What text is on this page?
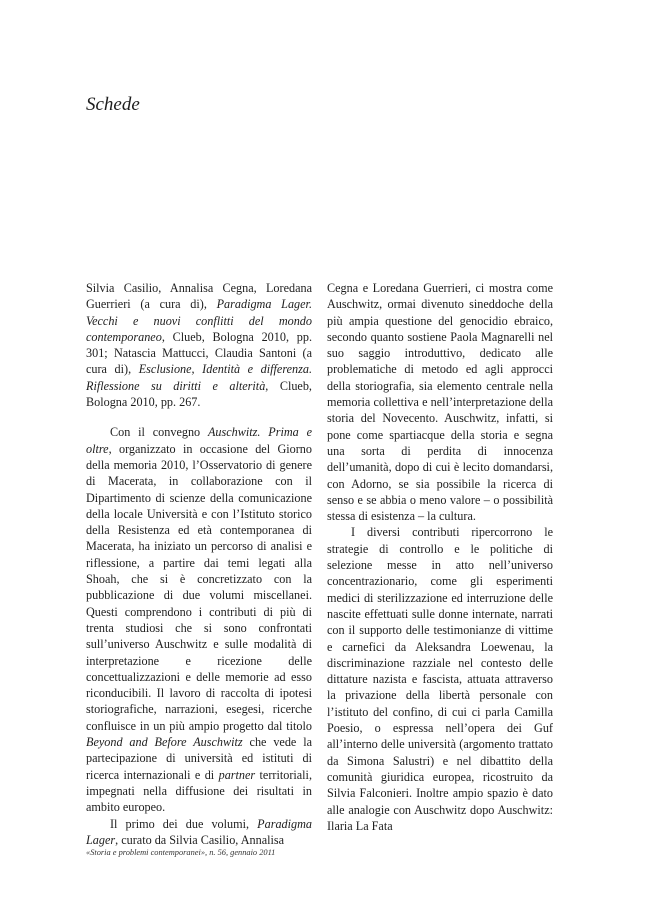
Schede

Silvia Casilio, Annalisa Cegna, Loredana Guerrieri (a cura di), Paradigma Lager. Vecchi e nuovi conflitti del mondo contemporaneo, Clueb, Bologna 2010, pp. 301; Natascia Mattucci, Claudia Santoni (a cura di), Esclusione, Identità e differenza. Riflessione su diritti e alterità, Clueb, Bologna 2010, pp. 267.

Con il convegno Auschwitz. Prima e oltre, organizzato in occasione del Giorno della memoria 2010, l’Osservatorio di genere di Macerata, in collaborazione con il Dipartimento di scienze della comunicazione della locale Università e con l’Istituto storico della Resistenza ed età contemporanea di Macerata, ha iniziato un percorso di analisi e riflessione, a partire dai temi legati alla Shoah, che si è concretizzato con la pubblicazione di due volumi miscellanei. Questi comprendono i contributi di più di trenta studiosi che si sono confrontati sull’universo Auschwitz e sulle modalità di interpretazione e ricezione delle concettualizzazioni e delle memorie ad esso riconducibili. Il lavoro di raccolta di ipotesi storiografiche, narrazioni, esegesi, ricerche confluisce in un più ampio progetto dal titolo Beyond and Before Auschwitz che vede la partecipazione di università ed istituti di ricerca internazionali e di partner territoriali, impegnati nella diffusione dei risultati in ambito europeo.

Il primo dei due volumi, Paradigma Lager, curato da Silvia Casilio, Annalisa

Cegna e Loredana Guerrieri, ci mostra come Auschwitz, ormai divenuto sineddoche della più ampia questione del genocidio ebraico, secondo quanto sostiene Paola Magnarelli nel suo saggio introduttivo, dedicato alle problematiche di metodo ed agli approcci della storiografia, sia elemento centrale nella memoria collettiva e nell’interpretazione della storia del Novecento. Auschwitz, infatti, si pone come spartiacque della storia e segna una sorta di perdita di innocenza dell’umanità, dopo di cui è lecito domandarsi, con Adorno, se sia possibile la ricerca di senso e se abbia o meno valore – o possibilità stessa di esistenza – la cultura.

I diversi contributi ripercorrono le strategie di controllo e le politiche di selezione messe in atto nell’universo concentrazionario, come gli esperimenti medici di sterilizzazione ed interruzione delle nascite effettuati sulle donne internate, narrati con il supporto delle testimonianze di vittime e carnefici da Aleksandra Loewenau, la discriminazione razziale nel contesto delle dittature nazista e fascista, attuata attraverso la privazione della libertà personale con l’istituto del confino, di cui ci parla Camilla Poesio, o espressa nell’opera dei Guf all’interno delle università (argomento trattato da Simona Salustri) e nel dibattito della comunità giuridica europea, ricostruito da Silvia Falconieri. Inoltre ampio spazio è dato alle analogie con Auschwitz dopo Auschwitz: Ilaria La Fata

«Storia e problemi contemporanei», n. 56, gennaio 2011
